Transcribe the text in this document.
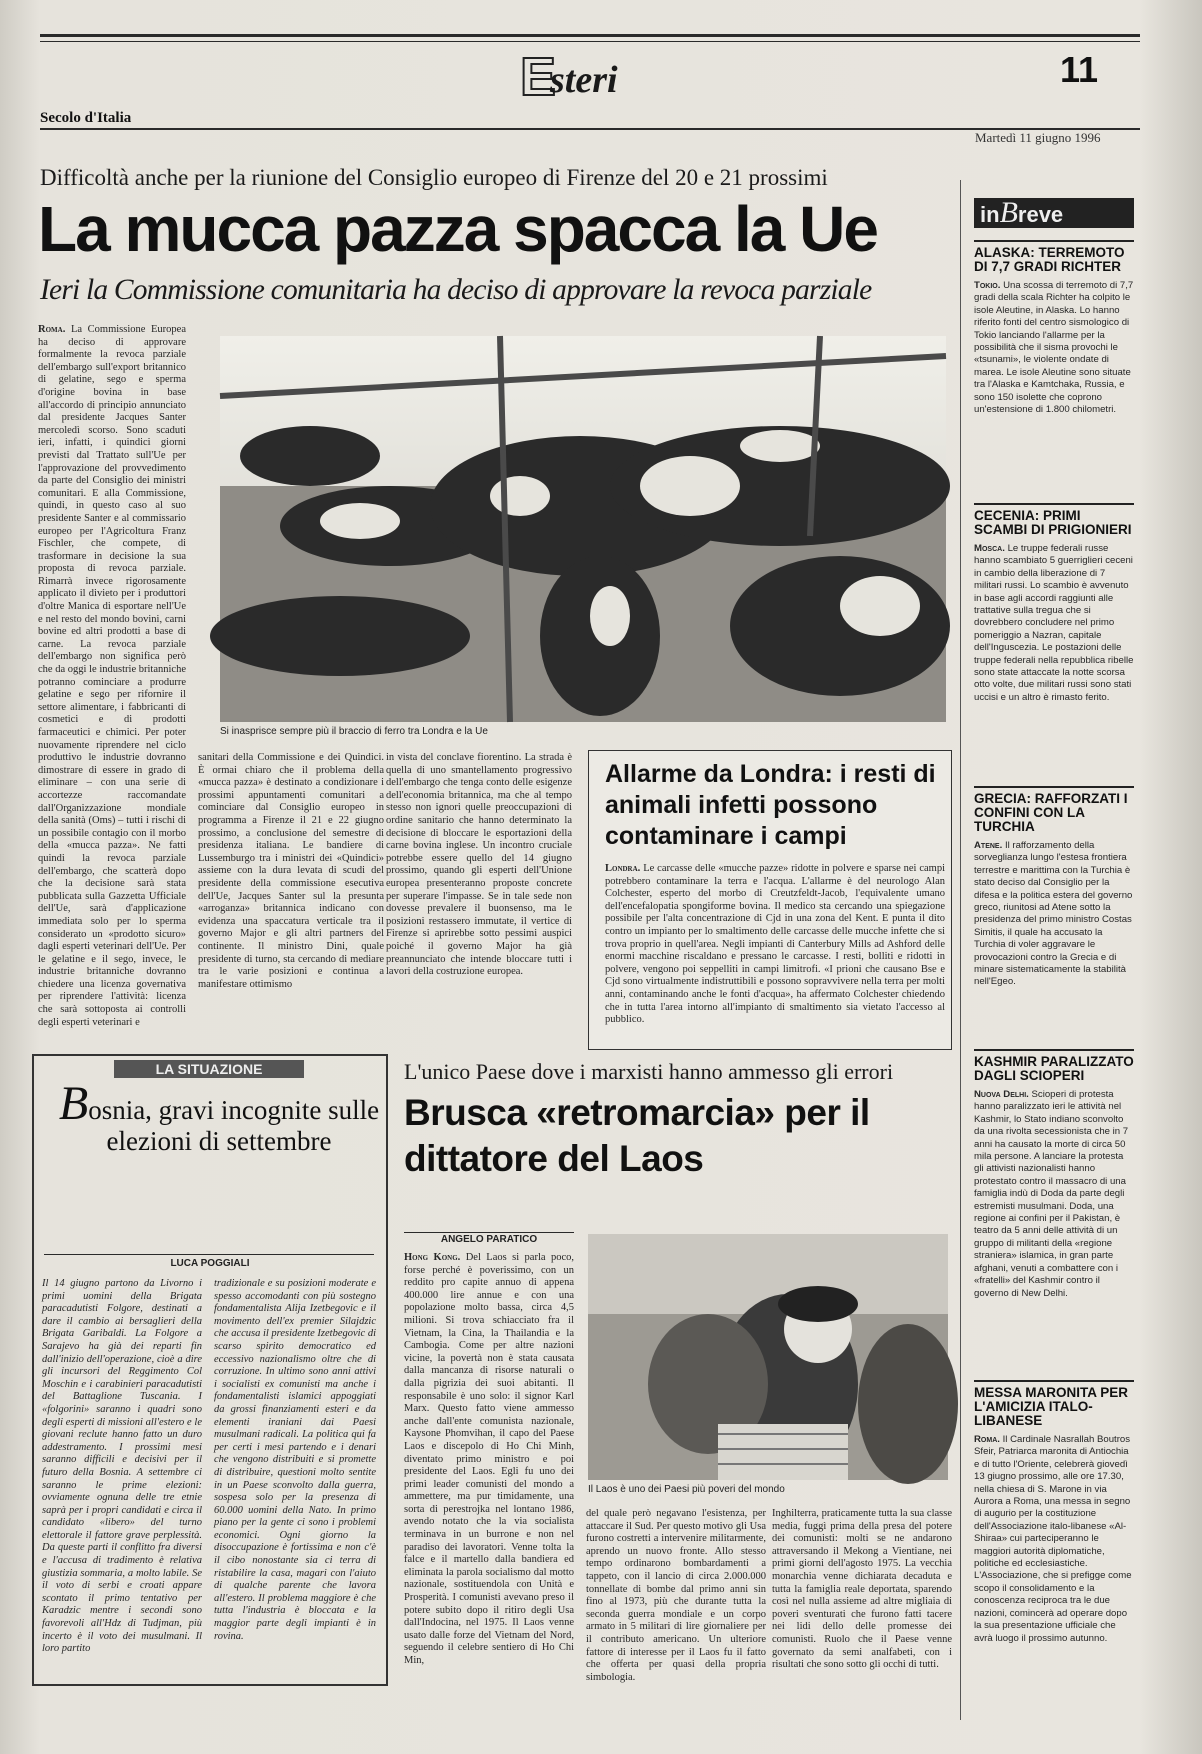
E
steri	11
Secolo d'Italia
Martedì 11 giugno 1996
Difficoltà anche per la riunione del Consiglio europeo di Firenze del 20 e 21 prossimi
La mucca pazza spacca la Ue
Ieri la Commissione comunitaria ha deciso di approvare la revoca parziale

Roma. La Commissione Europea ha deciso di approvare formalmente la revoca parziale dell'embargo sull'export britannico di gelatine, sego e sperma d'origine bovina in base all'accordo di principio annunciato dal presidente Jacques Santer mercoledì scorso. Sono scaduti ieri, infatti, i quindici giorni previsti dal Trattato sull'Ue per l'approvazione del provvedimento da parte del Consiglio dei ministri comunitari. E alla Commissione, quindi, in questo caso al suo presidente Santer e al commissario europeo per l'Agricoltura Franz Fischler, che compete, di trasformare in decisione la sua proposta di revoca parziale. Rimarrà invece rigorosamente applicato il divieto per i produttori d'oltre Manica di esportare nell'Ue e nel resto del mondo bovini, carni bovine ed altri prodotti a base di carne. La revoca parziale dell'embargo non significa però che da oggi le industrie britanniche potranno cominciare a produrre gelatine e sego per rifornire il settore alimentare, i fabbricanti di cosmetici e di prodotti farmaceutici e chimici. Per poter nuovamente riprendere nel ciclo produttivo le industrie dovranno dimostrare di essere in grado di eliminare – con una serie di accortezze raccomandate dall'Organizzazione mondiale della sanità (Oms) – tutti i rischi di un possibile contagio con il morbo della «mucca pazza». Ne fatti quindi la revoca parziale dell'embargo, che scatterà dopo che la decisione sarà stata pubblicata sulla Gazzetta Ufficiale dell'Ue, sarà d'applicazione immediata solo per lo sperma considerato un «prodotto sicuro» dagli esperti veterinari dell'Ue. Per le gelatine e il sego, invece, le industrie britanniche dovranno chiedere una licenza governativa per riprendere l'attività: licenza che sarà sottoposta ai controlli degli esperti veterinari e

Si inasprisce sempre più il braccio di ferro tra Londra e la Ue

sanitari della Commissione e dei Quindici. È ormai chiaro che il problema della «mucca pazza» è destinato a condizionare i prossimi appuntamenti comunitari a cominciare dal Consiglio europeo in programma a Firenze il 21 e 22 giugno prossimo, a conclusione del semestre di presidenza italiana. Le bandiere di Lussemburgo tra i ministri dei «Quindici» assieme con la dura levata di scudi del presidente della commissione esecutiva dell'Ue, Jacques Santer sul la presunta «arroganza» britannica indicano con evidenza una spaccatura verticale tra il governo Major e gli altri partners del continente. Il ministro Dini, quale presidente di turno, sta cercando di mediare tra le varie posizioni e continua a manifestare ottimismo

in vista del conclave fiorentino. La strada è quella di uno smantellamento progressivo dell'embargo che tenga conto delle esigenze dell'economia britannica, ma che al tempo stesso non ignori quelle preoccupazioni di ordine sanitario che hanno determinato la decisione di bloccare le esportazioni della carne bovina inglese. Un incontro cruciale potrebbe essere quello del 14 giugno prossimo, quando gli esperti dell'Unione europea presenteranno proposte concrete per superare l'impasse. Se in tale sede non dovesse prevalere il buonsenso, ma le posizioni restassero immutate, il vertice di Firenze si aprirebbe sotto pessimi auspici poiché il governo Major ha già preannunciato che intende bloccare tutti i lavori della costruzione europea.

Allarme da Londra: i resti di animali infetti possono contaminare i campi

Londra. Le carcasse delle «mucche pazze» ridotte in polvere e sparse nei campi potrebbero contaminare la terra e l'acqua. L'allarme è del neurologo Alan Colchester, esperto del morbo di Creutzfeldt-Jacob, l'equivalente umano dell'encefalopatia spongiforme bovina. Il medico sta cercando una spiegazione possibile per l'alta concentrazione di Cjd in una zona del Kent. E punta il dito contro un impianto per lo smaltimento delle carcasse delle mucche infette che si trova proprio in quell'area. Negli impianti di Canterbury Mills ad Ashford delle enormi macchine riscaldano e pressano le carcasse. I resti, bolliti e ridotti in polvere, vengono poi seppelliti in campi limitrofi. «I prioni che causano Bse e Cjd sono virtualmente indistruttibili e possono sopravvivere nella terra per molti anni, contaminando anche le fonti d'acqua», ha affermato Colchester chiedendo che in tutta l'area intorno all'impianto di smaltimento sia vietato l'accesso al pubblico.

LA SITUAZIONE
Bosnia, gravi incognite sulle elezioni di settembre
LUCA POGGIALI

Il 14 giugno partono da Livorno i primi uomini della Brigata paracadutisti Folgore, destinati a dare il cambio ai bersaglieri della Brigata Garibaldi. La Folgore a Sarajevo ha già dei reparti fin dall'inizio dell'operazione, cioè a dire gli incursori del Reggimento Col Moschin e i carabinieri paracadutisti del Battaglione Tuscania. I «folgorini» saranno i quadri sono degli esperti di missioni all'estero e le giovani reclute hanno fatto un duro addestramento. I prossimi mesi saranno difficili e decisivi per il futuro della Bosnia. A settembre ci saranno le prime elezioni: ovviamente ognuna delle tre etnie saprà per i propri candidati e circa il candidato «libero» del turno elettorale il fattore grave perplessità. Da queste parti il conflitto fra diversi e l'accusa di tradimento è relativa giustizia sommaria, a molto labile. Se il voto di serbi e croati appare scontato il primo tentativo per Karadzic mentre i secondi sono favorevoli all'Hdz di Tudjman, più incerto è il voto dei musulmani. Il loro partito

tradizionale e su posizioni moderate e spesso accomodanti con più sostegno fondamentalista Alija Izetbegovic e il movimento dell'ex premier Silajdzic che accusa il presidente Izetbegovic di scarso spirito democratico ed eccessivo nazionalismo oltre che di corruzione. In ultimo sono anni attivi i socialisti ex comunisti ma anche i fondamentalisti islamici appoggiati da grossi finanziamenti esteri e da elementi iraniani dai Paesi musulmani radicali. La politica qui fa per certi i mesi partendo e i denari che vengono distribuiti e si promette di distribuire, questioni molto sentite in un Paese sconvolto dalla guerra, sospesa solo per la presenza di 60.000 uomini della Nato. In primo piano per la gente ci sono i problemi economici. Ogni giorno la disoccupazione è fortissima e non c'è il cibo nonostante sia ci terra di ristabilire la casa, magari con l'aiuto di qualche parente che lavora all'estero. Il problema maggiore è che tutta l'industria è bloccata e la maggior parte degli impianti è in rovina.

L'unico Paese dove i marxisti hanno ammesso gli errori
Brusca «retromarcia» per il dittatore del Laos
ANGELO PARATICO

Hong Kong. Del Laos si parla poco, forse perché è poverissimo, con un reddito pro capite annuo di appena 400.000 lire annue e con una popolazione molto bassa, circa 4,5 milioni. Si trova schiacciato fra il Vietnam, la Cina, la Thailandia e la Cambogia. Come per altre nazioni vicine, la povertà non è stata causata dalla mancanza di risorse naturali o dalla pigrizia dei suoi abitanti. Il responsabile è uno solo: il signor Karl Marx. Questo fatto viene ammesso anche dall'ente comunista nazionale, Kaysone Phomvihan, il capo del Paese Laos e discepolo di Ho Chi Minh, diventato primo ministro e poi presidente del Laos. Egli fu uno dei primi leader comunisti del mondo a ammettere, ma pur timidamente, una sorta di perestrojka nel lontano 1986, avendo notato che la via socialista terminava in un burrone e non nel paradiso dei lavoratori. Venne tolta la falce e il martello dalla bandiera ed eliminata la parola socialismo dal motto nazionale, sostituendola con Unità e Prosperità. I comunisti avevano preso il potere subito dopo il ritiro degli Usa dall'Indocina, nel 1975. Il Laos venne usato dalle forze del Vietnam del Nord, seguendo il celebre sentiero di Ho Chi Min,

Il Laos è uno dei Paesi più poveri del mondo

del quale però negavano l'esistenza, per attaccare il Sud. Per questo motivo gli Usa furono costretti a intervenire militarmente, aprendo un nuovo fronte. Allo stesso tempo ordinarono bombardamenti a tappeto, con il lancio di circa 2.000.000 tonnellate di bombe dal primo anni sin fino al 1973, più che durante tutta la seconda guerra mondiale e un corpo armato in 5 militari di lire giornaliere per il contributo americano. Un ulteriore fattore di interesse per il Laos fu il fatto che offerta per quasi della propria simbologia.

Inghilterra, praticamente tutta la sua classe media, fuggì prima della presa del potere dei comunisti: molti se ne andarono attraversando il Mekong a Vientiane, nei primi giorni dell'agosto 1975. La vecchia monarchia venne dichiarata decaduta e tutta la famiglia reale deportata, sparendo così nel nulla assieme ad altre migliaia di poveri sventurati che furono fatti tacere nei lidi dello delle promesse dei comunisti. Ruolo che il Paese venne governato da semi analfabeti, con i risultati che sono sotto gli occhi di tutti.

inBreve
ALASKA: TERREMOTO DI 7,7 GRADI RICHTER
Tokio. Una scossa di terremoto di 7,7 gradi della scala Richter ha colpito le isole Aleutine, in Alaska. Lo hanno riferito fonti del centro sismologico di Tokio lanciando l'allarme per la possibilità che il sisma provochi le «tsunami», le violente ondate di marea. Le isole Aleutine sono situate tra l'Alaska e Kamtchaka, Russia, e sono 150 isolette che coprono un'estensione di 1.800 chilometri.
CECENIA: PRIMI SCAMBI DI PRIGIONIERI
Mosca. Le truppe federali russe hanno scambiato 5 guerriglieri ceceni in cambio della liberazione di 7 militari russi. Lo scambio è avvenuto in base agli accordi raggiunti alle trattative sulla tregua che si dovrebbero concludere nel primo pomeriggio a Nazran, capitale dell'Inguscezia. Le postazioni delle truppe federali nella repubblica ribelle sono state attaccate la notte scorsa otto volte, due militari russi sono stati uccisi e un altro è rimasto ferito.
GRECIA: RAFFORZATI I CONFINI CON LA TURCHIA
Atene. Il rafforzamento della sorveglianza lungo l'estesa frontiera terrestre e marittima con la Turchia è stato deciso dal Consiglio per la difesa e la politica estera del governo greco, riunitosi ad Atene sotto la presidenza del primo ministro Costas Simitis, il quale ha accusato la Turchia di voler aggravare le provocazioni contro la Grecia e di minare sistematicamente la stabilità nell'Egeo.
KASHMIR PARALIZZATO DAGLI SCIOPERI
Nuova Delhi. Scioperi di protesta hanno paralizzato ieri le attività nel Kashmir, lo Stato indiano sconvolto da una rivolta secessionista che in 7 anni ha causato la morte di circa 50 mila persone. A lanciare la protesta gli attivisti nazionalisti hanno protestato contro il massacro di una famiglia indù di Doda da parte degli estremisti musulmani. Doda, una regione ai confini per il Pakistan, è teatro da 5 anni delle attività di un gruppo di militanti della «regione straniera» islamica, in gran parte afghani, venuti a combattere con i «fratelli» del Kashmir contro il governo di New Delhi.
MESSA MARONITA PER L'AMICIZIA ITALO-LIBANESE
Roma. Il Cardinale Nasrallah Boutros Sfeir, Patriarca maronita di Antiochia e di tutto l'Oriente, celebrerà giovedì 13 giugno prossimo, alle ore 17.30, nella chiesa di S. Marone in via Aurora a Roma, una messa in segno di augurio per la costituzione dell'Associazione italo-libanese «Al-Shiraa» cui parteciperanno le maggiori autorità diplomatiche, politiche ed ecclesiastiche. L'Associazione, che si prefigge come scopo il consolidamento e la conoscenza reciproca tra le due nazioni, comincerà ad operare dopo la sua presentazione ufficiale che avrà luogo il prossimo autunno.
